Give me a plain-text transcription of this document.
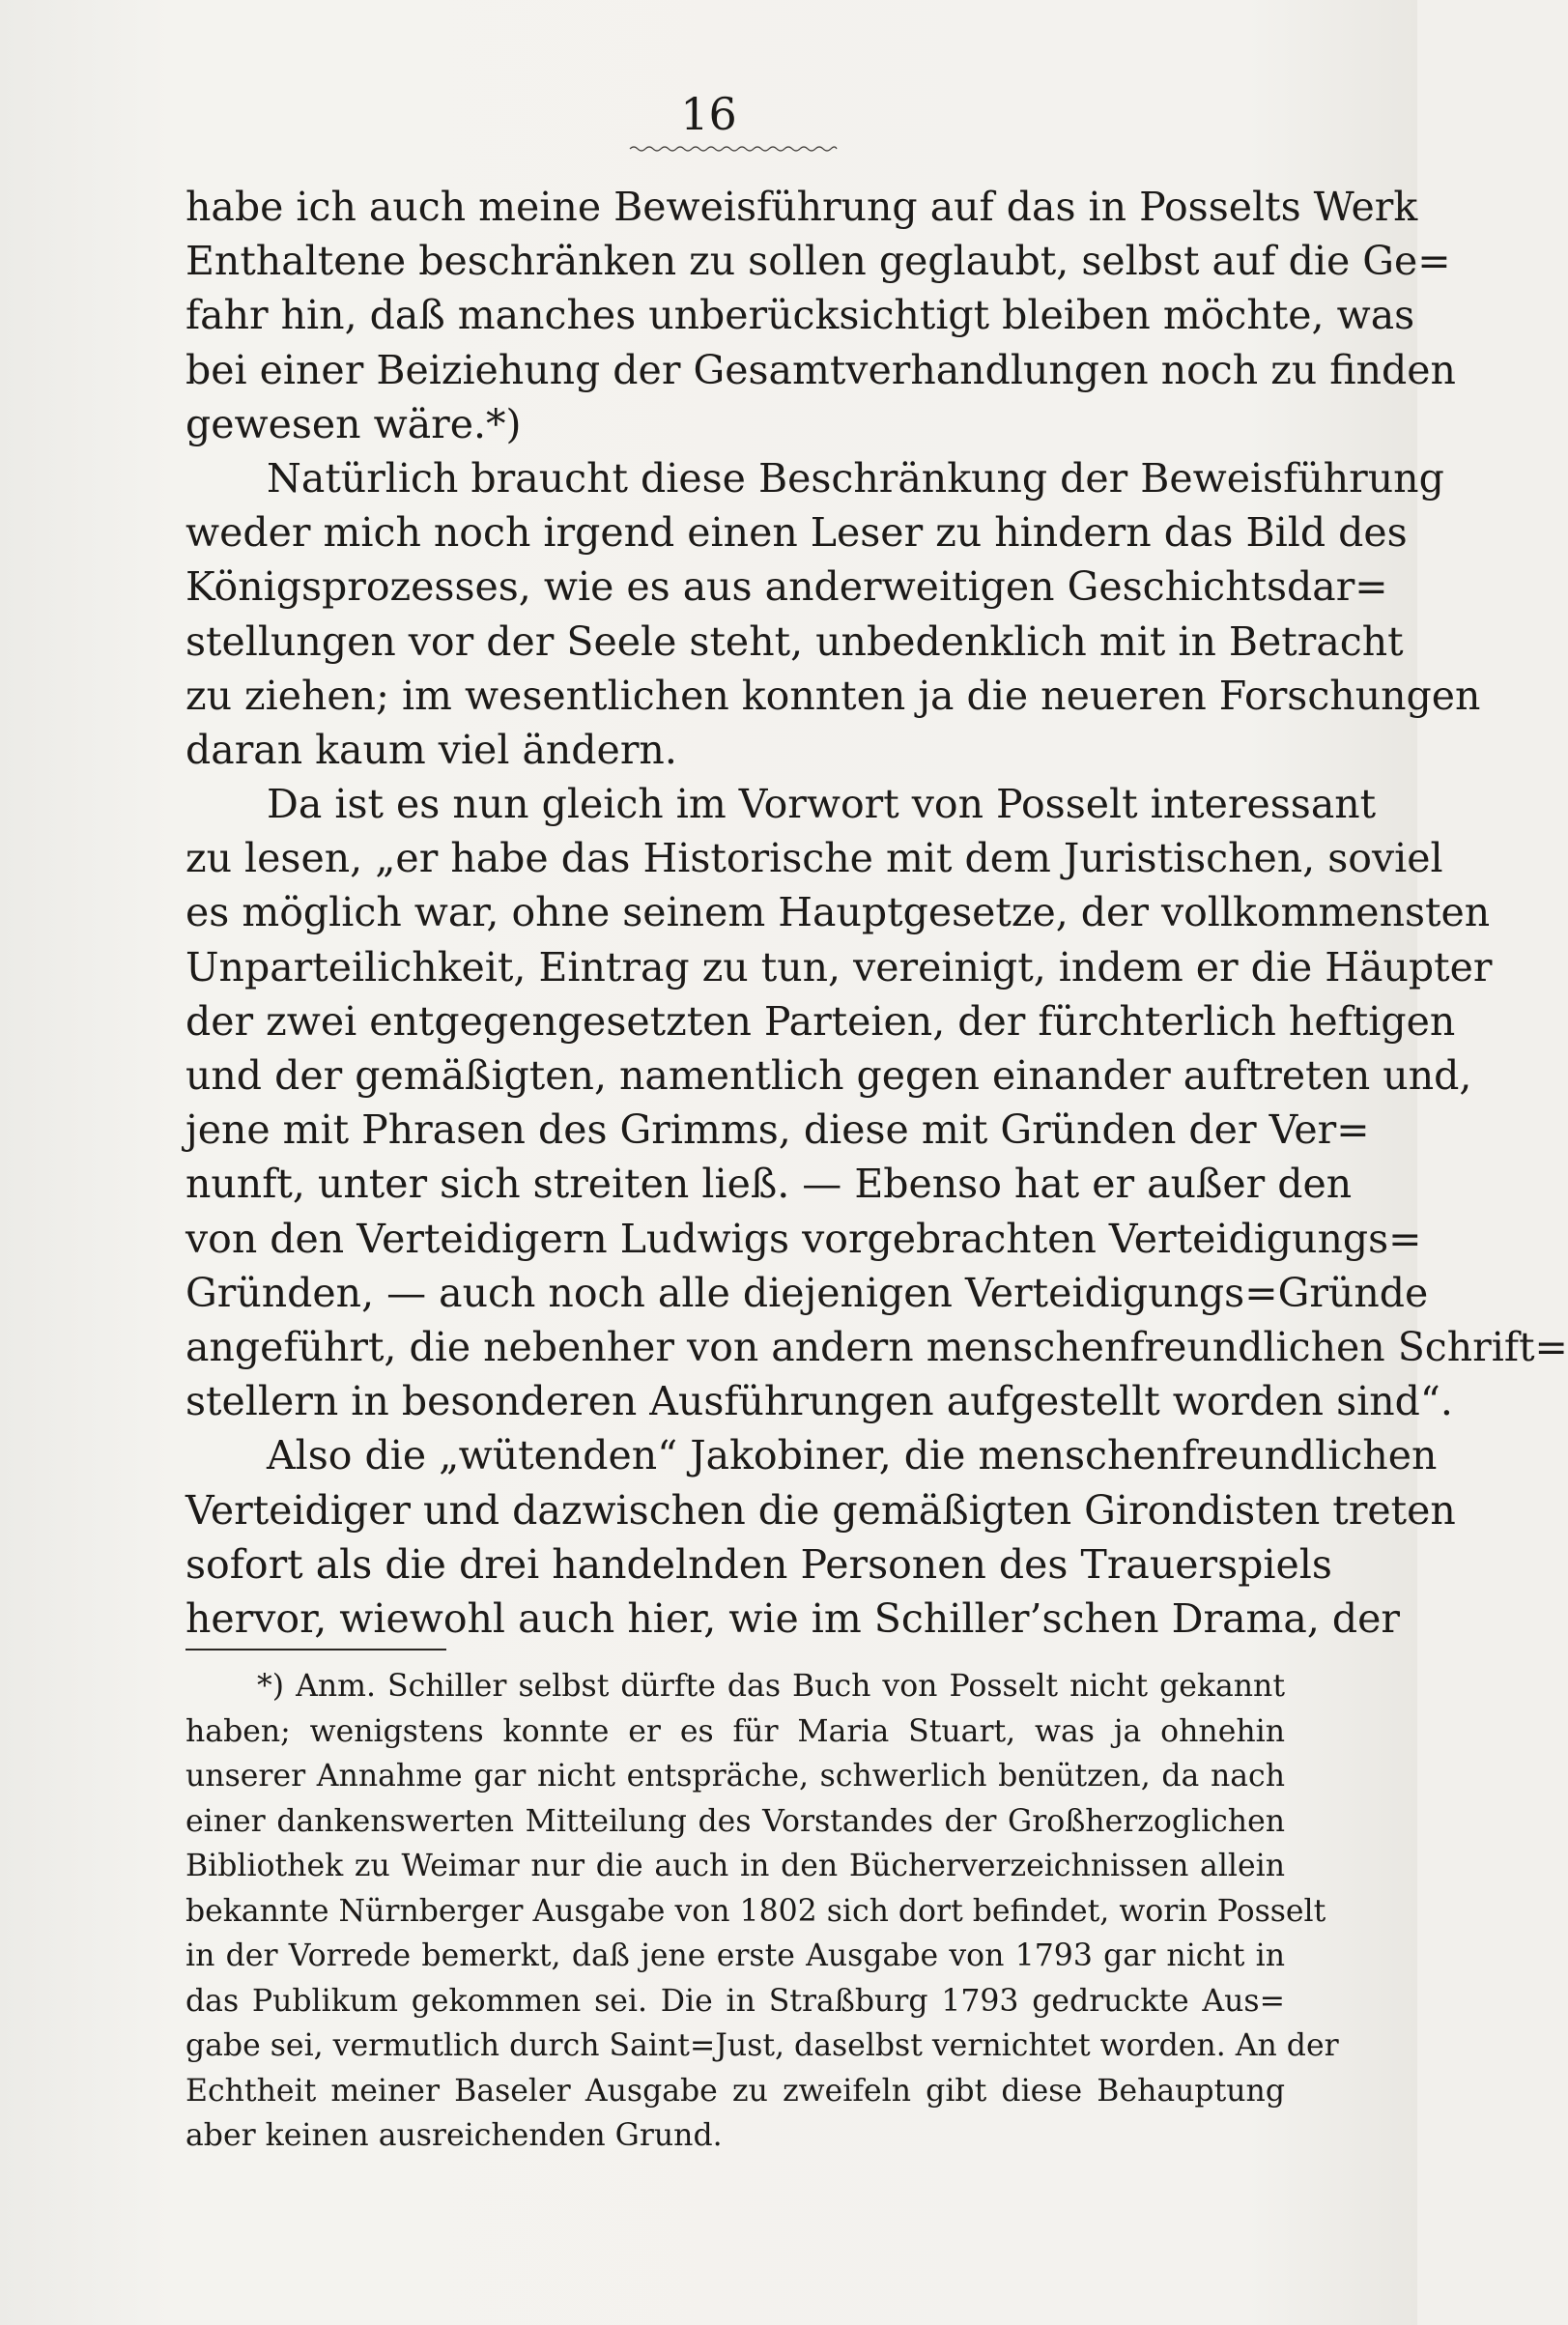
16
habe ich auch meine Beweisführung auf das in Posselts Werk
Enthaltene beschränken zu sollen geglaubt, selbst auf die Ge=
fahr hin, daß manches unberücksichtigt bleiben möchte, was
bei einer Beiziehung der Gesamtverhandlungen noch zu finden
gewesen wäre.*)
Natürlich braucht diese Beschränkung der Beweisführung
weder mich noch irgend einen Leser zu hindern das Bild des
Königsprozesses, wie es aus anderweitigen Geschichtsdar=
stellungen vor der Seele steht, unbedenklich mit in Betracht
zu ziehen; im wesentlichen konnten ja die neueren Forschungen
daran kaum viel ändern.
Da ist es nun gleich im Vorwort von Posselt interessant
zu lesen, „er habe das Historische mit dem Juristischen, soviel
es möglich war, ohne seinem Hauptgesetze, der vollkommensten
Unparteilichkeit, Eintrag zu tun, vereinigt, indem er die Häupter
der zwei entgegengesetzten Parteien, der fürchterlich heftigen
und der gemäßigten, namentlich gegen einander auftreten und,
jene mit Phrasen des Grimms, diese mit Gründen der Ver=
nunft, unter sich streiten ließ. — Ebenso hat er außer den
von den Verteidigern Ludwigs vorgebrachten Verteidigungs=
Gründen, — auch noch alle diejenigen Verteidigungs=Gründe
angeführt, die nebenher von andern menschenfreundlichen Schrift=
stellern in besonderen Ausführungen aufgestellt worden sind“.
Also die „wütenden“ Jakobiner, die menschenfreundlichen
Verteidiger und dazwischen die gemäßigten Girondisten treten
sofort als die drei handelnden Personen des Trauerspiels
hervor, wiewohl auch hier, wie im Schiller’schen Drama, der
*) Anm. Schiller selbst dürfte das Buch von Posselt nicht gekannt
haben; wenigstens konnte er es für Maria Stuart, was ja ohnehin
unserer Annahme gar nicht entspräche, schwerlich benützen, da nach
einer dankenswerten Mitteilung des Vorstandes der Großherzoglichen
Bibliothek zu Weimar nur die auch in den Bücherverzeichnissen allein
bekannte Nürnberger Ausgabe von 1802 sich dort befindet, worin Posselt
in der Vorrede bemerkt, daß jene erste Ausgabe von 1793 gar nicht in
das Publikum gekommen sei. Die in Straßburg 1793 gedruckte Aus=
gabe sei, vermutlich durch Saint=Just, daselbst vernichtet worden. An der
Echtheit meiner Baseler Ausgabe zu zweifeln gibt diese Behauptung
aber keinen ausreichenden Grund.
